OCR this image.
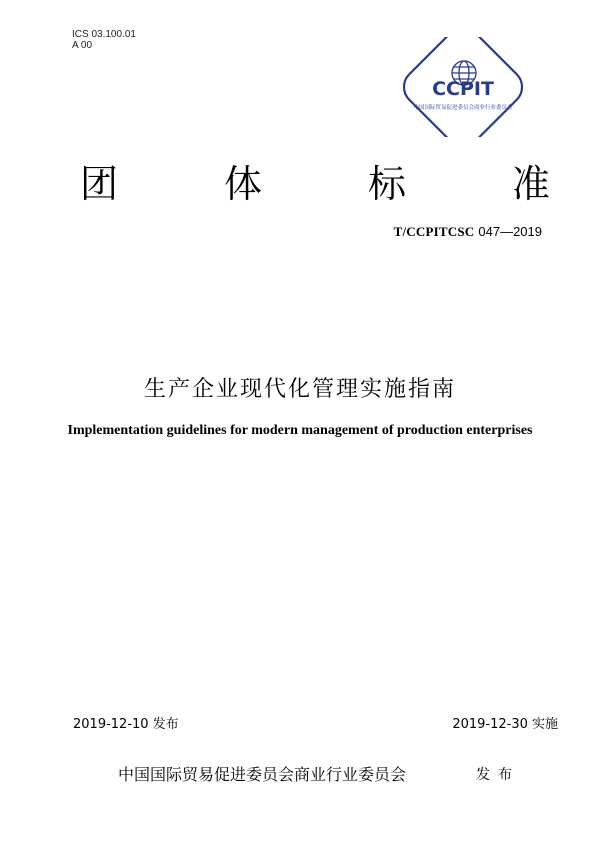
ICS 03.100.01
A 00
CCPIT
中国国际贸易促进委员会商业行业委员会
团	体	标	准
T/CCPITCSC 047—2019
生产企业现代化管理实施指南
Implementation guidelines for modern management of production enterprises
2019-12-10 发布	2019-12-30 实施
中国国际贸易促进委员会商业行业委员会	发布
